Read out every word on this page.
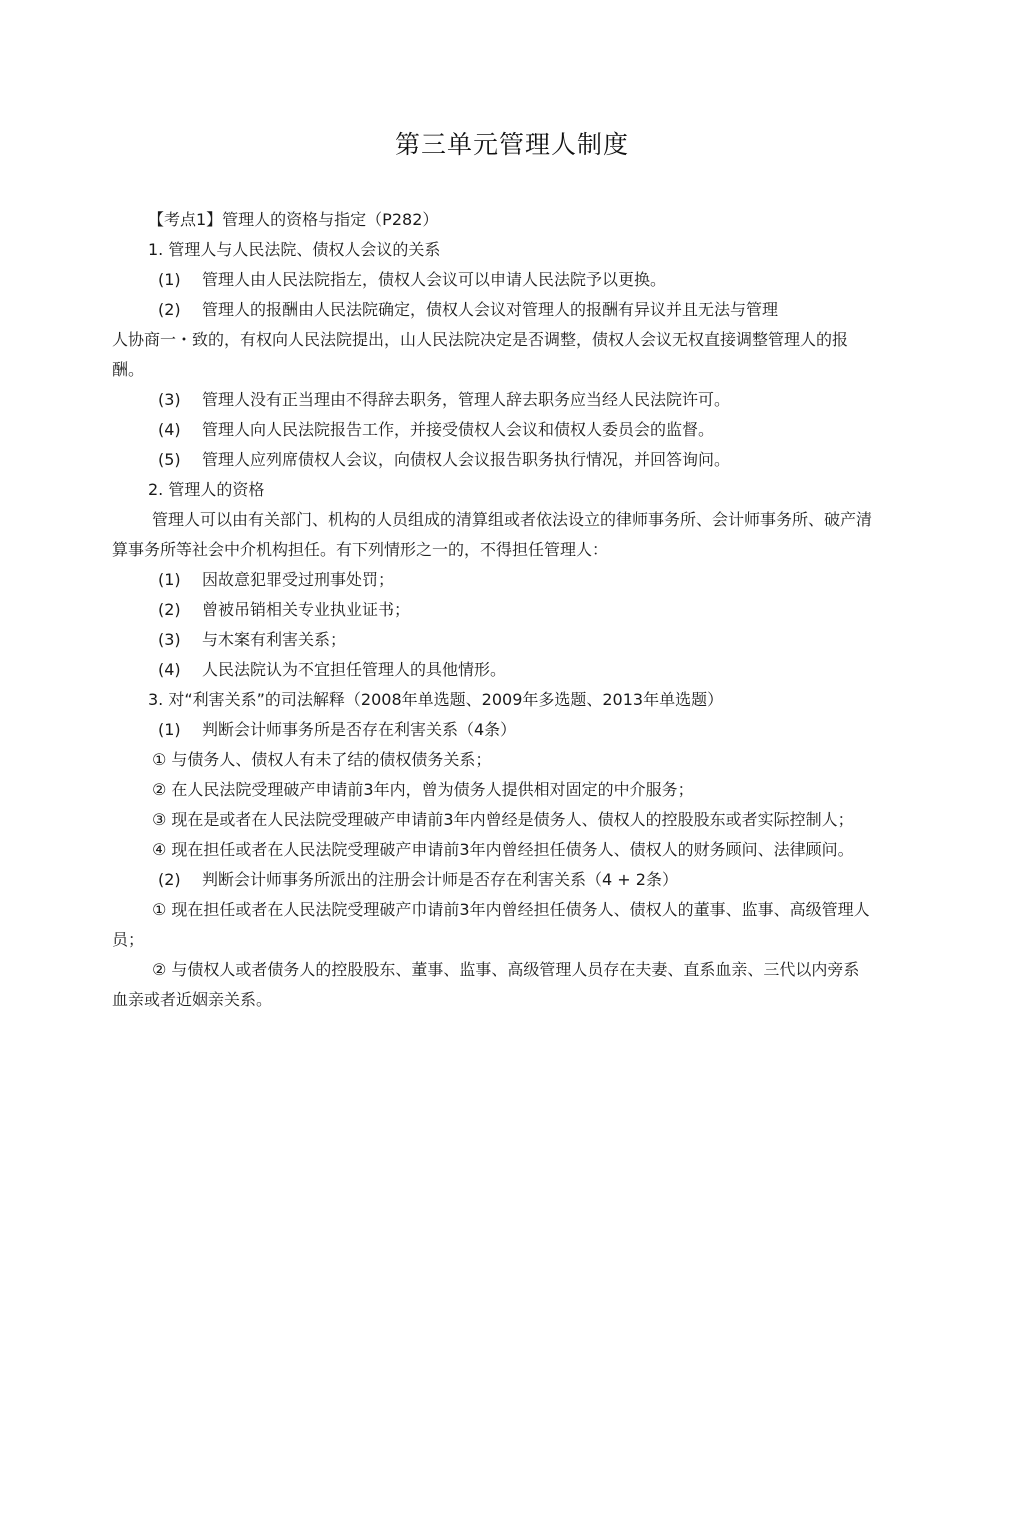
第三单元管理人制度
【考点1】管理人的资格与指定（P282）
1. 管理人与人民法院、债权人会议的关系
(1) 管理人由人民法院指左，债权人会议可以申请人民法院予以更换。
(2) 管理人的报酬由人民法院确定，债权人会议对管理人的报酬有异议并且无法与管理
人协商一・致的，有权向人民法院提出，山人民法院决定是否调整，债权人会议无权直接调整管理人的报酬。
(3) 管理人没有正当理由不得辞去职务，管理人辞去职务应当经人民法院许可。
(4) 管理人向人民法院报告工作，并接受债权人会议和债权人委员会的监督。
(5) 管理人应列席债权人会议，向债权人会议报告职务执行情况，并回答询问。
2. 管理人的资格
管理人可以由有关部门、机构的人员组成的清算组或者依法设立的律师事务所、会计师事务所、破产清算事务所等社会中介机构担任。有下列情形之一的，不得担任管理人：
(1) 因故意犯罪受过刑事处罚；
(2) 曾被吊销相关专业执业证书；
(3) 与木案有利害关系；
(4) 人民法院认为不宜担任管理人的具他情形。
3. 对“利害关系”的司法解释（2008年单选题、2009年多选题、2013年单选题）
(1) 判断会计师事务所是否存在利害关系（4条）
① 与债务人、债权人有未了结的债权债务关系；
② 在人民法院受理破产申请前3年内，曾为债务人提供相对固定的中介服务；
③ 现在是或者在人民法院受理破产申请前3年内曾经是债务人、债权人的控股股东或者实际控制人；
④ 现在担任或者在人民法院受理破产申请前3年内曾经担任债务人、债权人的财务顾问、法律顾问。
(2) 判断会计师事务所派出的注册会计师是否存在利害关系（4 + 2条）
① 现在担任或者在人民法院受理破产巾请前3年内曾经担任债务人、债权人的董事、监事、高级管理人员；
② 与债权人或者债务人的控股股东、董事、监事、高级管理人员存在夫妻、直系血亲、三代以内旁系血亲或者近姻亲关系。
